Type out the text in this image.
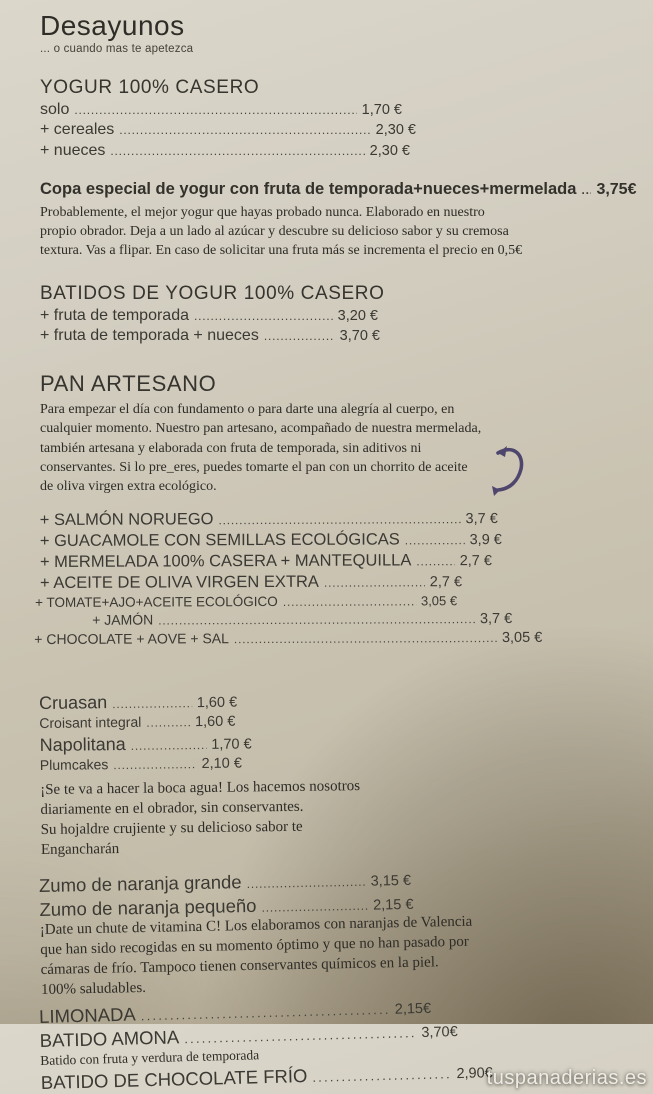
Desayunos
... o cuando mas te apetezca
YOGUR 100% CASERO
solo .....	1,70 €
+ cereales .....	2,30 €
+ nueces .....	2,30 €
Copa especial de yogur con fruta de temporada+nueces+mermelada ..... 3,75€
Probablemente, el mejor yogur que hayas probado nunca. Elaborado en nuestro
propio obrador. Deja a un lado al azúcar y descubre su delicioso sabor y su cremosa
textura. Vas a flipar. En caso de solicitar una fruta más se incrementa el precio en 0,5€
BATIDOS DE YOGUR 100% CASERO
+ fruta de temporada .....	3,20 €
+ fruta de temporada + nueces .....	3,70 €
PAN ARTESANO
Para empezar el día con fundamento o para darte una alegría al cuerpo, en
cualquier momento. Nuestro pan artesano, acompañado de nuestra mermelada,
también artesana y elaborada con fruta de temporada, sin aditivos ni
conservantes. Si lo pre_eres, puedes tomarte el pan con un chorrito de aceite
de oliva virgen extra ecológico.
+ SALMÓN NORUEGO .....	3,7 €
+ GUACAMOLE CON SEMILLAS ECOLÓGICAS .....	3,9 €
+ MERMELADA 100% CASERA + MANTEQUILLA .....	2,7 €
+ ACEITE DE OLIVA VIRGEN EXTRA .....	2,7 €
+ TOMATE+AJO+ACEITE ECOLÓGICO .....	3,05 €
+ JAMÓN .....	3,7 €
+ CHOCOLATE + AOVE + SAL .....	3,05 €
Cruasan .....	1,60 €
Croisant integral .....	1,60 €
Napolitana .....	1,70 €
Plumcakes .....	2,10 €
¡Se te va a hacer la boca agua! Los hacemos nosotros
diariamente en el obrador, sin conservantes.
Su hojaldre crujiente y su delicioso sabor te
Engancharán
Zumo de naranja grande .....	3,15 €
Zumo de naranja pequeño .....	2,15 €
¡Date un chute de vitamina C! Los elaboramos con naranjas de Valencia
que han sido recogidas en su momento óptimo y que no han pasado por
cámaras de frío. Tampoco tienen conservantes químicos en la piel.
100% saludables.
LIMONADA .....	2,15€
BATIDO AMONA .....	3,70€
Batido con fruta y verdura de temporada
BATIDO DE CHOCOLATE FRÍO .....	2,90€
tuspanaderias.es
